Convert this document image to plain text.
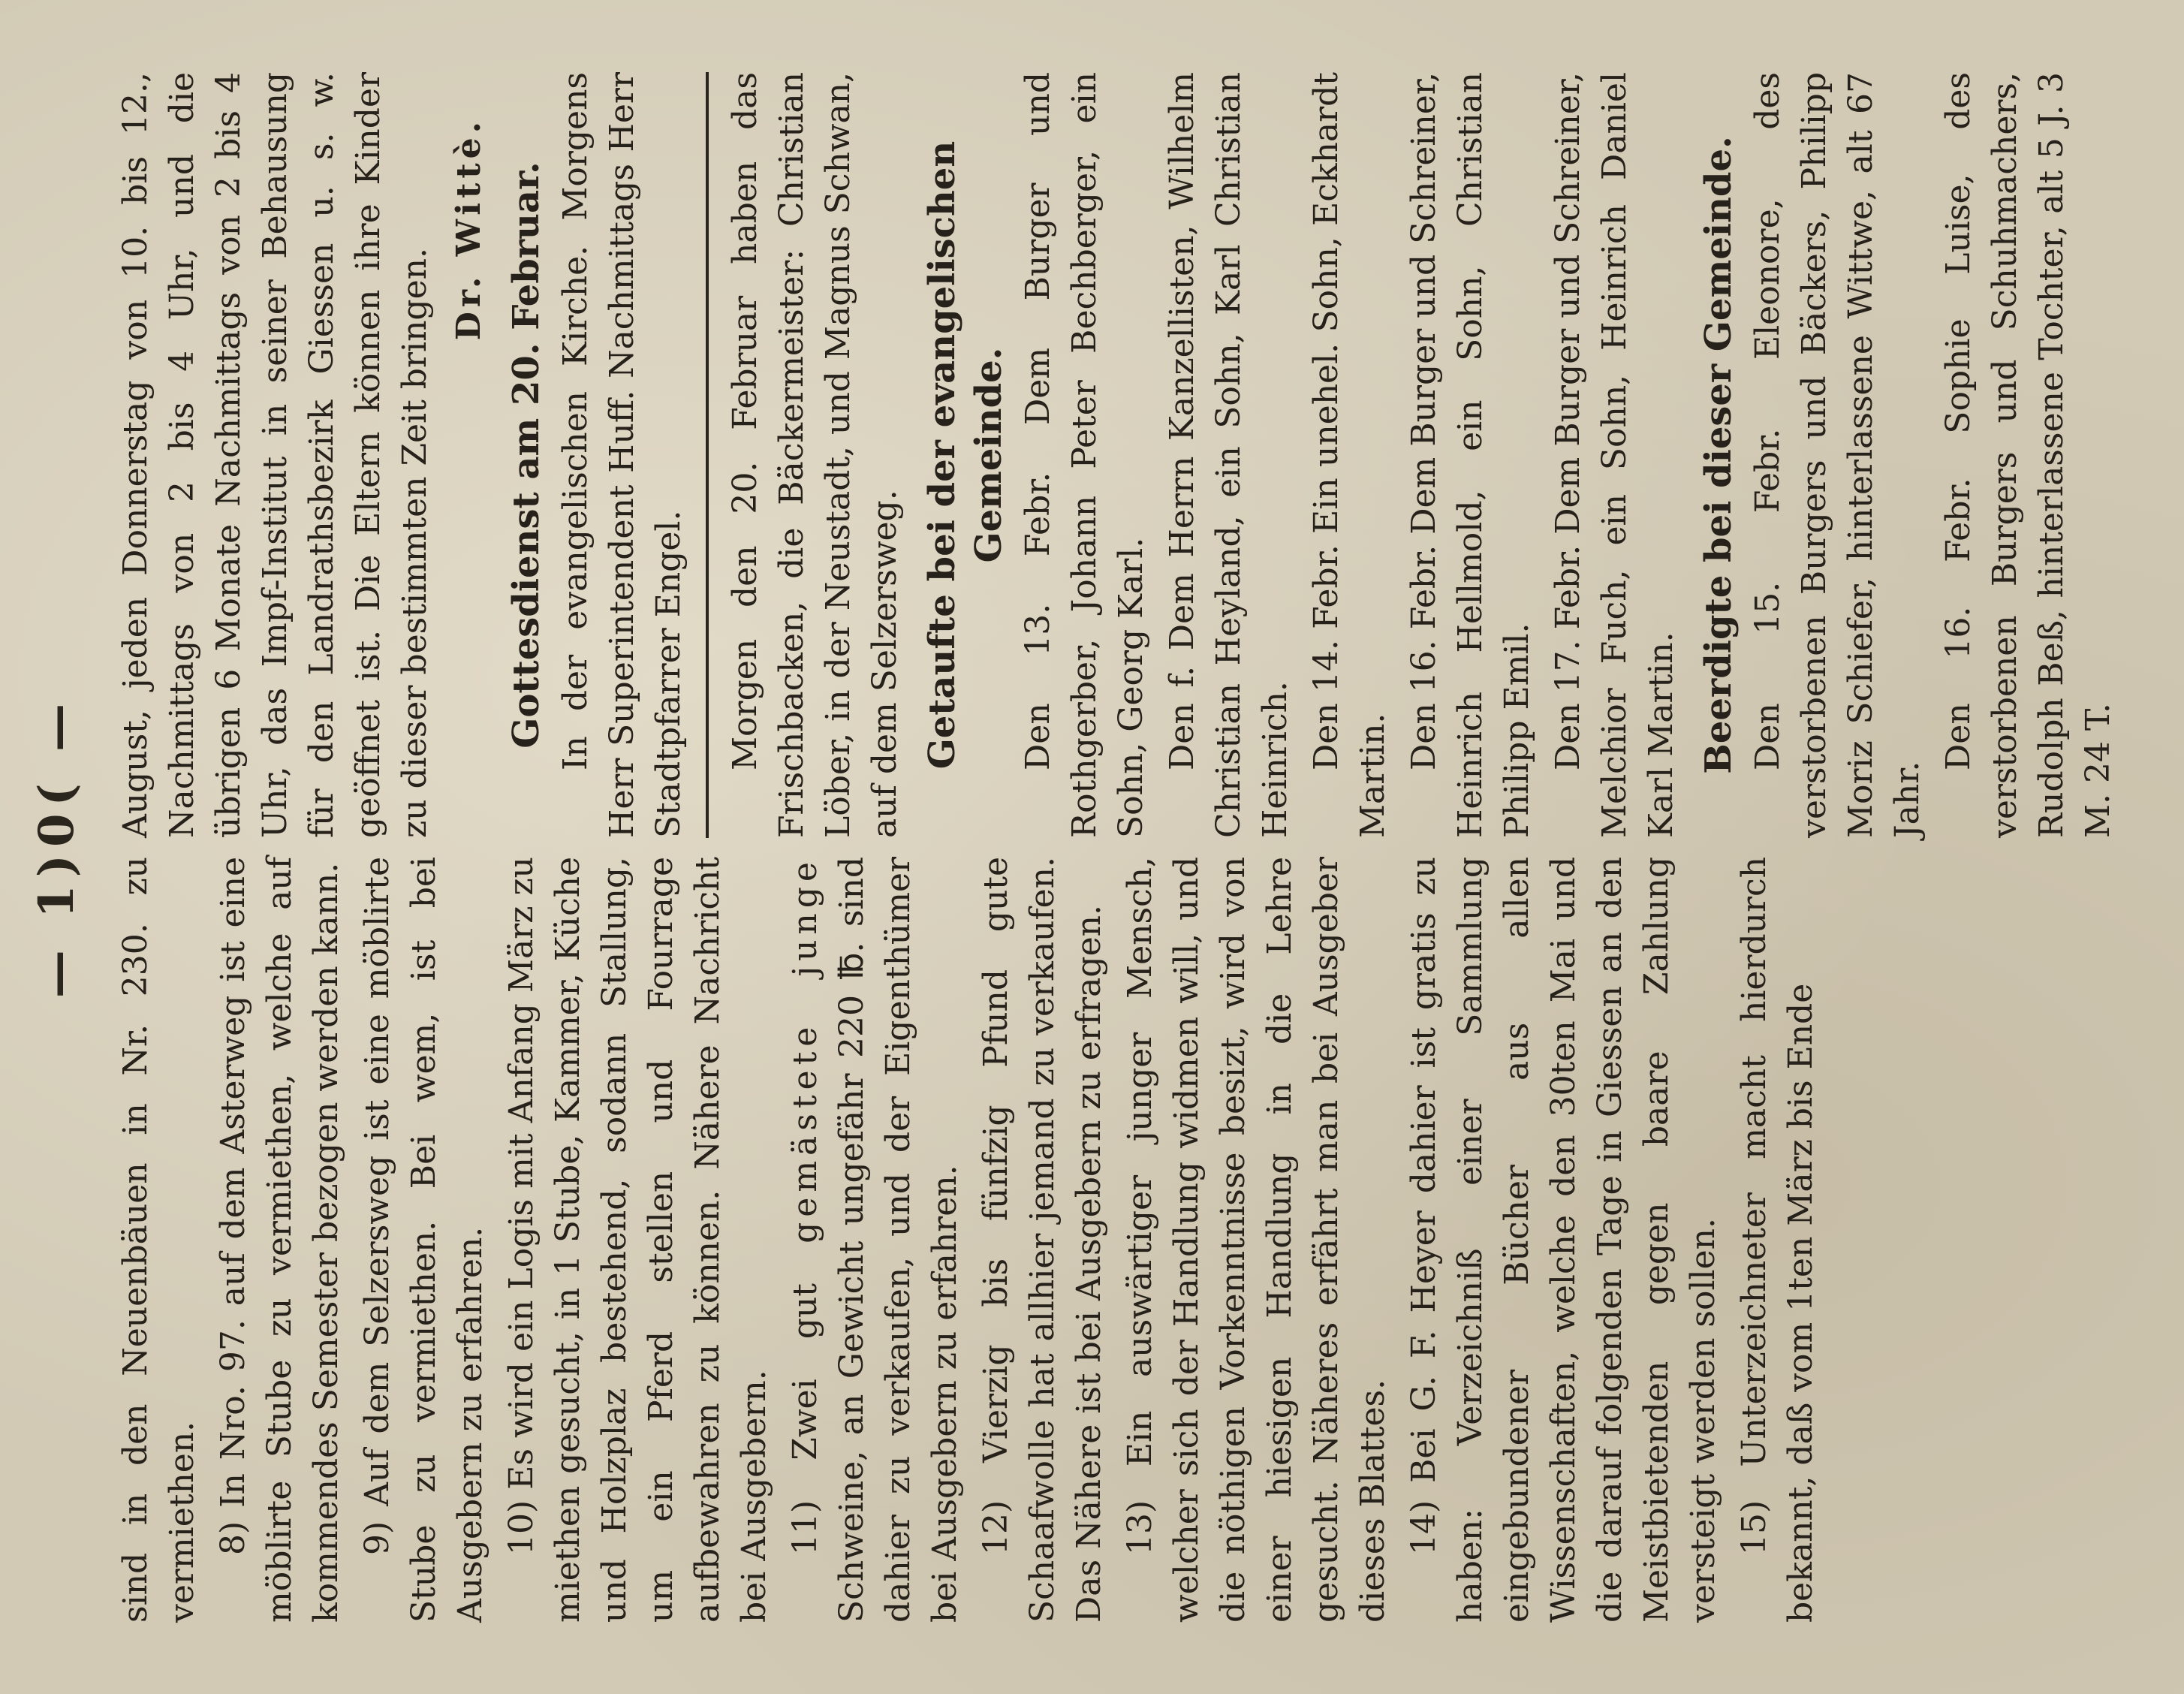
— 1)0( —

sind in den Neuenbäuen in Nr. 230. zu vermiethen. 8) In Nro. 97. auf dem Asterweg ist eine möblirte Stube zu vermiethen, welche auf kommendes Semester bezogen werden kann. 9) Auf dem Selzersweg ist eine möblirte Stube zu vermiethen. Bei wem, ist bei Ausgebern zu erfahren. 10) Es wird ein Logis mit Anfang März zu miethen gesucht, in 1 Stube, Kammer, Küche und Holzplaz bestehend, sodann Stallung, um ein Pferd stellen und Fourrage aufbewahren zu können. Nähere Nachricht bei Ausgebern. 11) Zwei gut gemästete junge Schweine, an Gewicht ungefähr 220 ℔. sind dahier zu verkaufen, und der Eigenthümer bei Ausgebern zu erfahren. 12) Vierzig bis fünfzig Pfund gute Schaafwolle hat allhier jemand zu verkaufen. Das Nähere ist bei Ausgebern zu erfragen. 13) Ein auswärtiger junger Mensch, welcher sich der Handlung widmen will, und die nöthigen Vorkenntnisse besizt, wird von einer hiesigen Handlung in die Lehre gesucht. Näheres erfährt man bei Ausgeber dieses Blattes. 14) Bei G. F. Heyer dahier ist gratis zu haben: Verzeichniß einer Sammlung eingebundener Bücher aus allen Wissenschaften, welche den 30ten Mai und die darauf folgenden Tage in Giessen an den Meistbietenden gegen baare Zahlung versteigt werden sollen. 15) Unterzeichneter macht hierdurch bekannt, daß vom 1ten März bis Ende

August, jeden Donnerstag von 10. bis 12., Nachmittags von 2 bis 4 Uhr, und die übrigen 6 Monate Nachmittags von 2 bis 4 Uhr, das Impf-Institut in seiner Behausung für den Landrathsbezirk Giessen u. s. w. geöffnet ist. Die Eltern können ihre Kinder zu dieser bestimmten Zeit bringen.

Dr. Wittè. Gottesdienst am 20. Februar. In der evangelischen Kirche. Morgens Herr Superintendent Huff. Nachmittags Herr Stadtpfarrer Engel. Morgen den 20. Februar haben das Frischbacken, die Bäckermeister: Christian Löber, in der Neustadt, und Magnus Schwan, auf dem Selzersweg. Getaufte bei der evangelischen Gemeinde. Den 13. Febr. Dem Burger und Rothgerber, Johann Peter Bechberger, ein Sohn, Georg Karl. Den f. Dem Herrn Kanzellisten, Wilhelm Christian Heyland, ein Sohn, Karl Christian Heinrich. Den 14. Febr. Ein unehel. Sohn, Eckhardt Martin.

Den 16. Febr. Dem Burger und Schreiner, Heinrich Hellmold, ein Sohn, Christian Philipp Emil. Den 17. Febr. Dem Burger und Schreiner, Melchior Fuch, ein Sohn, Heinrich Daniel Karl Martin. Beerdigte bei dieser Gemeinde. Den 15. Febr. Eleonore, des verstorbenen Burgers und Bäckers, Philipp Moriz Schiefer, hinterlassene Wittwe, alt 67 Jahr.

Den 16. Febr. Sophie Luise, des verstorbenen Burgers und Schuhmachers, Rudolph Beß, hinterlassene Tochter, alt 5 J. 3 M. 24 T.
